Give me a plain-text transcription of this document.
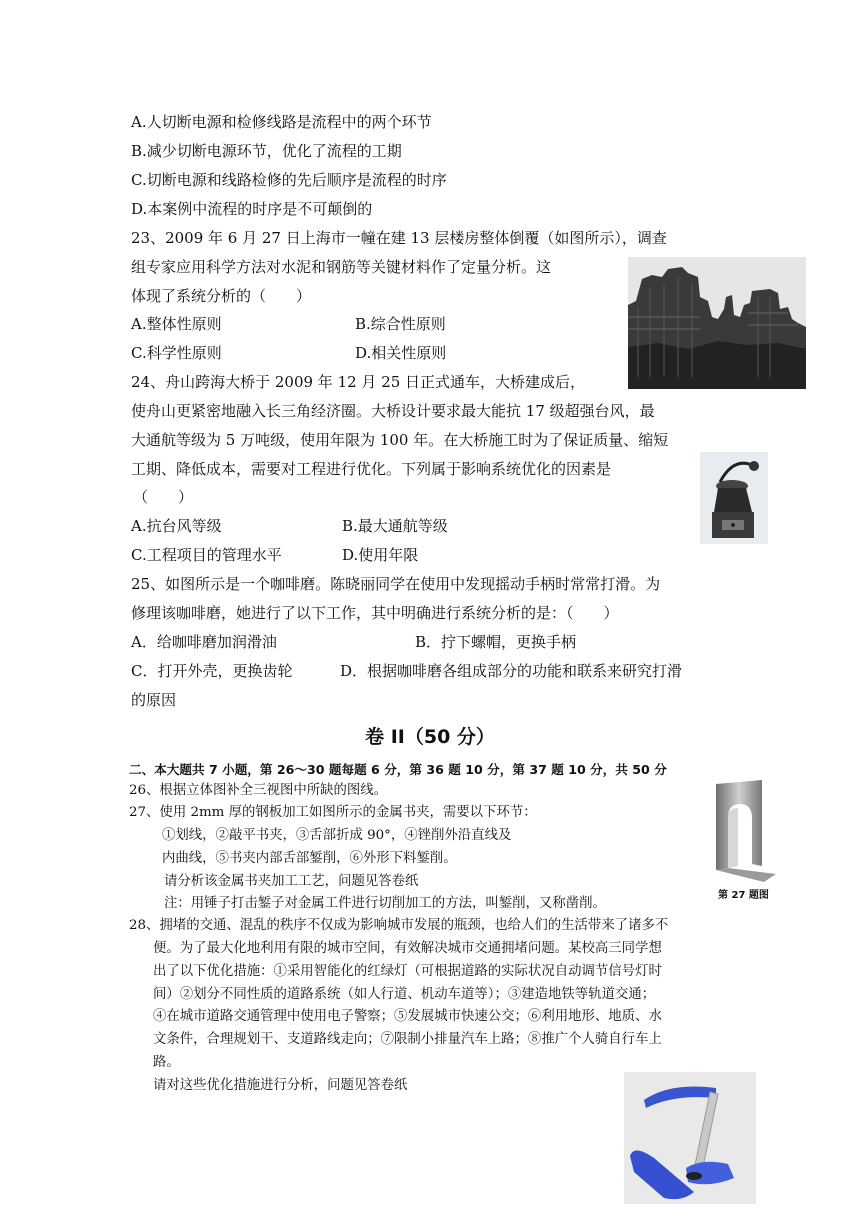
A.人切断电源和检修线路是流程中的两个环节
B.减少切断电源环节，优化了流程的工期
C.切断电源和线路检修的先后顺序是流程的时序
D.本案例中流程的时序是不可颠倒的
23、2009 年 6 月 27 日上海市一幢在建 13 层楼房整体倒覆（如图所示），调查
组专家应用科学方法对水泥和钢筋等关键材料作了定量分析。这
体现了系统分析的（　　）
A.整体性原则	B.综合性原则
C.科学性原则	D.相关性原则
24、舟山跨海大桥于 2009 年 12 月 25 日正式通车，大桥建成后，
使舟山更紧密地融入长三角经济圈。大桥设计要求最大能抗 17 级超强台风，最
大通航等级为 5 万吨级，使用年限为 100 年。在大桥施工时为了保证质量、缩短
工期、降低成本，需要对工程进行优化。下列属于影响系统优化的因素是
（　　）
A.抗台风等级	B.最大通航等级
C.工程项目的管理水平	D.使用年限
25、如图所示是一个咖啡磨。陈晓丽同学在使用中发现摇动手柄时常常打滑。为
修理该咖啡磨，她进行了以下工作，其中明确进行系统分析的是：（　　）
A．给咖啡磨加润滑油	B．拧下螺帽，更换手柄
C．打开外壳，更换齿轮	D．根据咖啡磨各组成部分的功能和联系来研究打滑
的原因
卷 II（50 分）
二、本大题共 7 小题，第 26～30 题每题 6 分，第 36 题 10 分，第 37 题 10 分，共 50 分
26、根据立体图补全三视图中所缺的图线。
27、使用 2mm 厚的钢板加工如图所示的金属书夹，需要以下环节：
①划线，②敲平书夹，③舌部折成 90°，④锉削外沿直线及
内曲线，⑤书夹内部舌部錾削，⑥外形下料錾削。
请分析该金属书夹加工工艺，问题见答卷纸
注：用锤子打击錾子对金属工件进行切削加工的方法，叫錾削，又称凿削。
第 27 题图
28、拥堵的交通、混乱的秩序不仅成为影响城市发展的瓶颈，也给人们的生活带来了诸多不
便。为了最大化地利用有限的城市空间，有效解决城市交通拥堵问题。某校高三同学想
出了以下优化措施：①采用智能化的红绿灯（可根据道路的实际状况自动调节信号灯时
间）②划分不同性质的道路系统（如人行道、机动车道等）；③建造地铁等轨道交通；
④在城市道路交通管理中使用电子警察；⑤发展城市快速公交；⑥利用地形、地质、水
文条件，合理规划干、支道路线走向；⑦限制小排量汽车上路；⑧推广个人骑自行车上
路。
请对这些优化措施进行分析，问题见答卷纸
